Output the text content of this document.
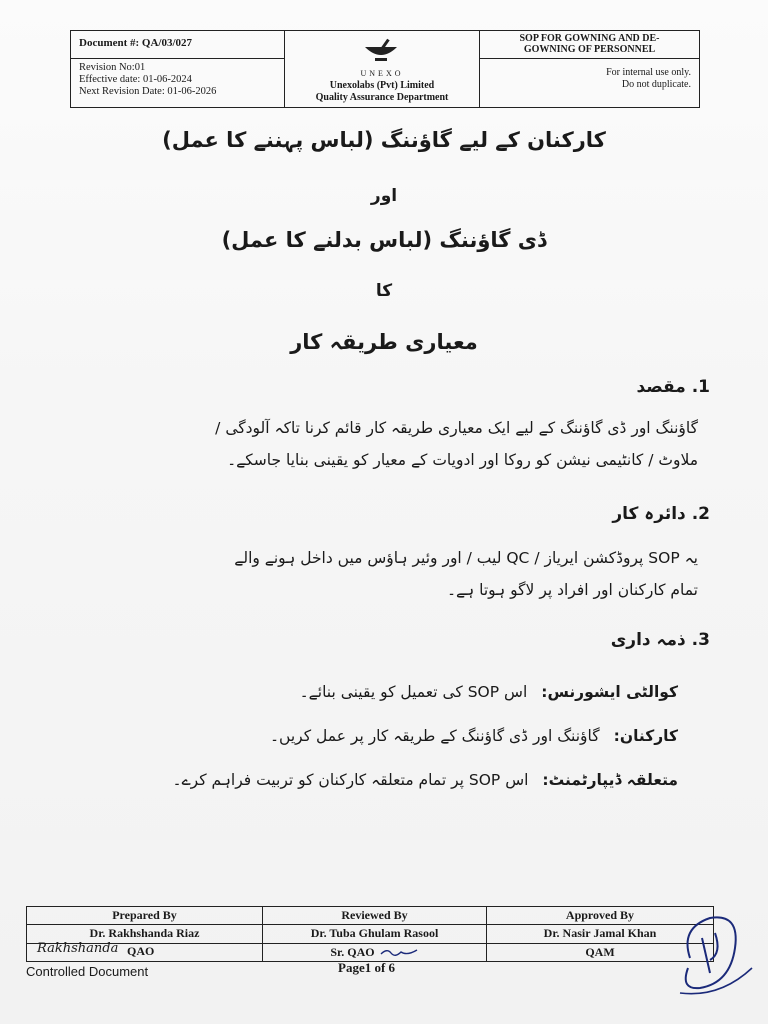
Document #: QA/03/027
Revision No:01
Effective date: 01-06-2024
Next Revision Date: 01-06-2026
UNEXO
Unexolabs (Pvt) Limited
Quality Assurance Department
SOP FOR GOWNING AND DE-
GOWNING OF PERSONNEL
For internal use only.
Do not duplicate.
کارکنان کے لیے گاؤننگ (لباس پہننے کا عمل)
اور
ڈی گاؤننگ (لباس بدلنے کا عمل)
کا
معیاری طریقہ کار
1. مقصد
گاؤننگ اور ڈی گاؤننگ کے لیے ایک معیاری طریقہ کار قائم کرنا تاکہ آلودگی /
ملاوٹ / کانٹیمی نیشن کو روکا اور ادویات کے معیار کو یقینی بنایا جاسکے۔
2. دائرہ کار
یہ SOP پروڈکشن ایریاز / QC لیب / اور وئیر ہاؤس میں داخل ہونے والے
تمام کارکنان اور افراد پر لاگو ہوتا ہے۔
3. ذمہ داری
کوالٹی ایشورنس:
اس SOP کی تعمیل کو یقینی بنائے۔
کارکنان:
گاؤننگ اور ڈی گاؤننگ کے طریقہ کار پر عمل کریں۔
متعلقہ ڈیپارٹمنٹ:
اس SOP پر تمام متعلقہ کارکنان کو تربیت فراہم کرے۔
Prepared By
Dr. Rakhshanda Riaz
Rakhshanda QAO
Reviewed By
Dr. Tuba Ghulam Rasool
Sr. QAO
Approved By
Dr. Nasir Jamal Khan
QAM
Controlled Document	Page1 of 6
